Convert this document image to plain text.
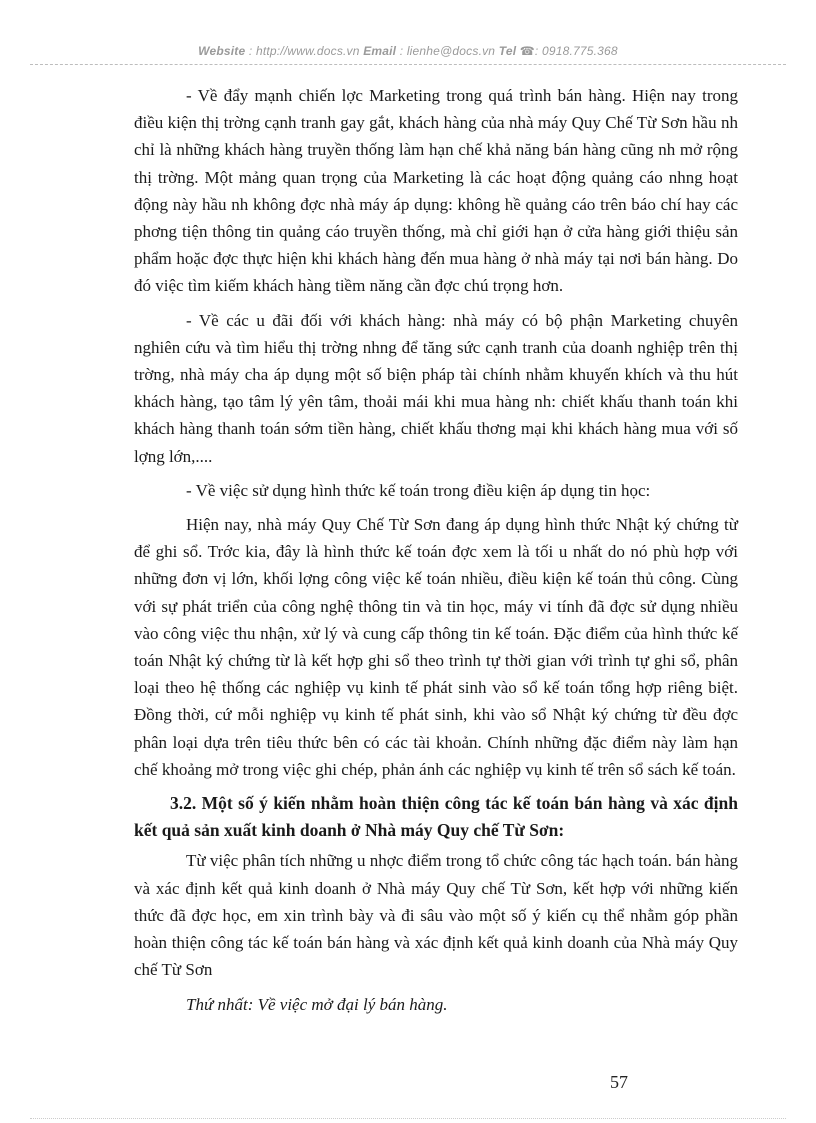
Website : http://www.docs.vn Email : lienhe@docs.vn Tel ☎: 0918.775.368

- Về đẩy mạnh chiến lợc Marketing trong quá trình bán hàng. Hiện nay trong điều kiện thị trờng cạnh tranh gay gắt, khách hàng của nhà máy Quy Chế Từ Sơn hầu nh chỉ là những khách hàng truyền thống làm hạn chế khả năng bán hàng cũng nh mở rộng thị trờng. Một mảng quan trọng của Marketing là các hoạt động quảng cáo nhng hoạt động này hầu nh không đợc nhà máy áp dụng: không hề quảng cáo trên báo chí hay các phơng tiện thông tin quảng cáo truyền thống, mà chỉ giới hạn ở cửa hàng giới thiệu sản phẩm hoặc đợc thực hiện khi khách hàng đến mua hàng ở nhà máy tại nơi bán hàng. Do đó việc tìm kiếm khách hàng tiềm năng cần đợc chú trọng hơn.

- Về các u đãi đối với khách hàng: nhà máy có bộ phận Marketing chuyên nghiên cứu và tìm hiểu thị trờng nhng để tăng sức cạnh tranh của doanh nghiệp trên thị trờng, nhà máy cha áp dụng một số biện pháp tài chính nhằm khuyến khích và thu hút khách hàng, tạo tâm lý yên tâm, thoải mái khi mua hàng nh: chiết khấu thanh toán khi khách hàng thanh toán sớm tiền hàng, chiết khấu thơng mại khi khách hàng mua với số lợng lớn,....

- Về việc sử dụng hình thức kế toán trong điều kiện áp dụng tin học:

Hiện nay, nhà máy Quy Chế Từ Sơn đang áp dụng hình thức Nhật ký chứng từ để ghi sổ. Trớc kia, đây là hình thức kế toán đợc xem là tối u nhất do nó phù hợp với những đơn vị lớn, khối lợng công việc kế toán nhiều, điều kiện kế toán thủ công. Cùng với sự phát triển của công nghệ thông tin và tin học, máy vi tính đã đợc sử dụng nhiều vào công việc thu nhận, xử lý và cung cấp thông tin kế toán. Đặc điểm của hình thức kế toán Nhật ký chứng từ là kết hợp ghi sổ theo trình tự thời gian với trình tự ghi sổ, phân loại theo hệ thống các nghiệp vụ kinh tế phát sinh vào sổ kế toán tổng hợp riêng biệt. Đồng thời, cứ mỗi nghiệp vụ kinh tế phát sinh, khi vào sổ Nhật ký chứng từ đều đợc phân loại dựa trên tiêu thức bên có các tài khoản. Chính những đặc điểm này làm hạn chế khoảng mở trong việc ghi chép, phản ánh các nghiệp vụ kinh tế trên sổ sách kế toán.

3.2. Một số ý kiến nhằm hoàn thiện công tác kế toán bán hàng và xác định kết quả sản xuất kinh doanh ở Nhà máy Quy chế Từ Sơn:

Từ việc phân tích những u nhợc điểm trong tổ chức công tác hạch toán. bán hàng và xác định kết quả kinh doanh ở Nhà máy Quy chế Từ Sơn, kết hợp với những kiến thức đã đợc học, em xin trình bày và đi sâu vào một số ý kiến cụ thể nhằm góp phần hoàn thiện công tác kế toán bán hàng và xác định kết quả kinh doanh của Nhà máy Quy chế Từ Sơn

Thứ nhất: Về việc mở đại lý bán hàng.

57
